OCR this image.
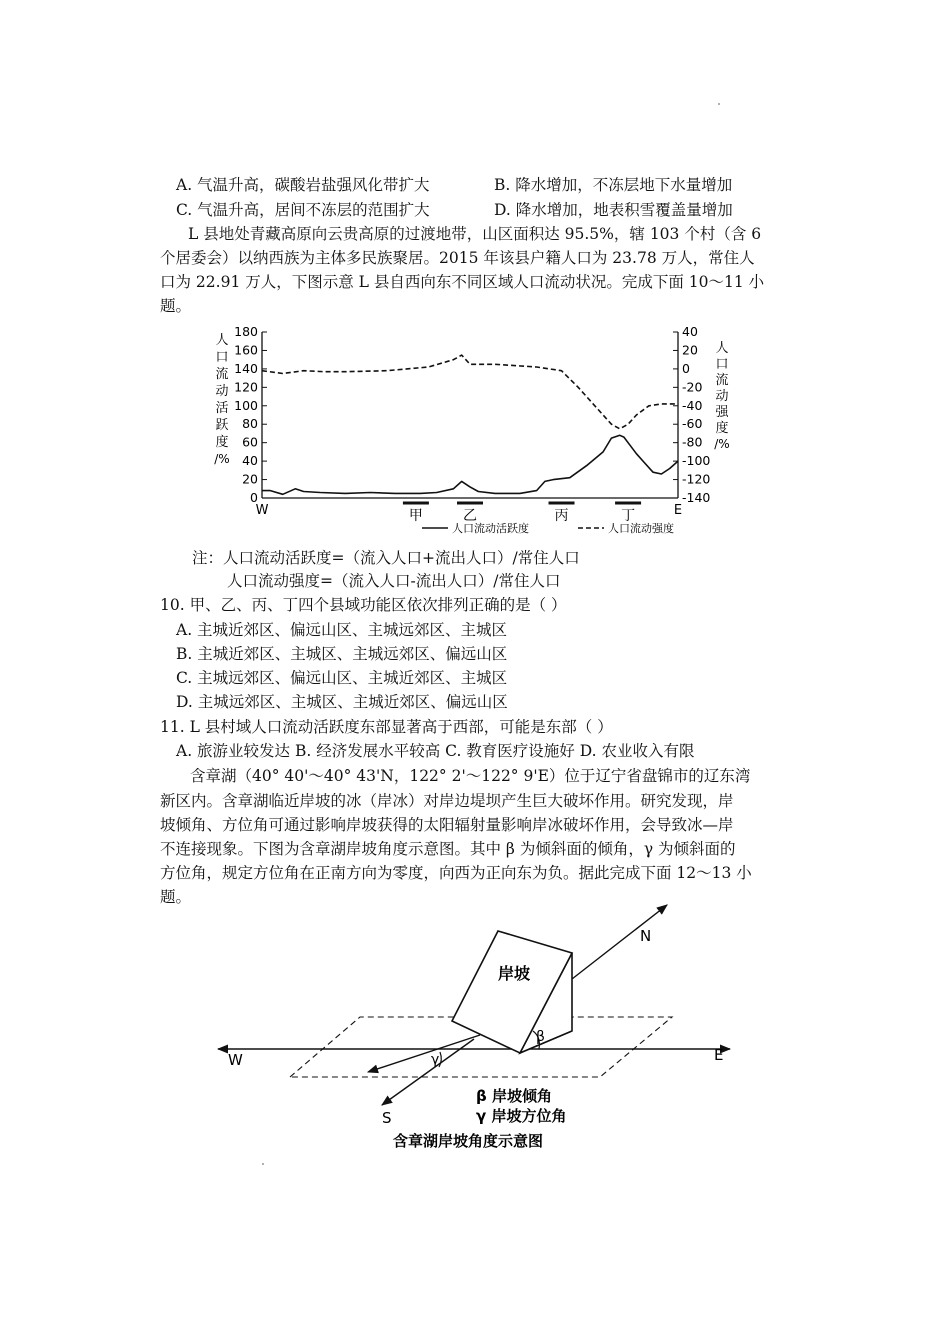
A. 气温升高，碳酸岩盐强风化带扩大	B. 降水增加，不冻层地下水量增加
C. 气温升高，居间不冻层的范围扩大	D. 降水增加，地表积雪覆盖量增加
L 县地处青藏高原向云贵高原的过渡地带，山区面积达 95.5%，辖 103 个村（含 6
个居委会）以纳西族为主体多民族聚居。2015 年该县户籍人口为 23.78 万人，常住人
口为 22.91 万人，下图示意 L 县自西向东不同区域人口流动状况。完成下面 10～11 小
题。
0
20
40
60
80
100
120
140
160
180	40
20
0
-20
-40
-60
-80
-100
-120
-140
人
口
流
动
活
跃
度
/%
人
口
流
动
强
度
/%
W	E
甲	乙	丙	丁
人口流动活跃度	人口流动强度
注：人口流动活跃度=（流入人口+流出人口）/常住人口
人口流动强度=（流入人口-流出人口）/常住人口
10. 甲、乙、丙、丁四个县域功能区依次排列正确的是（ ）
A. 主城近郊区、偏远山区、主城远郊区、主城区
B. 主城近郊区、主城区、主城远郊区、偏远山区
C. 主城远郊区、偏远山区、主城近郊区、主城区
D. 主城远郊区、主城区、主城近郊区、偏远山区
11. L 县村域人口流动活跃度东部显著高于西部，可能是东部（ ）
A. 旅游业较发达 B. 经济发展水平较高 C. 教育医疗设施好 D. 农业收入有限
含章湖（40° 40'～40° 43'N，122° 2'～122° 9'E）位于辽宁省盘锦市的辽东湾
新区内。含章湖临近岸坡的冰（岸冰）对岸边堤坝产生巨大破坏作用。研究发现，岸
坡倾角、方位角可通过影响岸坡获得的太阳辐射量影响岸冰破坏作用，会导致冰—岸
不连接现象。下图为含章湖岸坡角度示意图。其中 β 为倾斜面的倾角，γ 为倾斜面的
方位角，规定方位角在正南方向为零度，向西为正向东为负。据此完成下面 12～13 小
题。
岸坡
N
S
W	E
β
γ
β 岸坡倾角
γ 岸坡方位角
含章湖岸坡角度示意图
